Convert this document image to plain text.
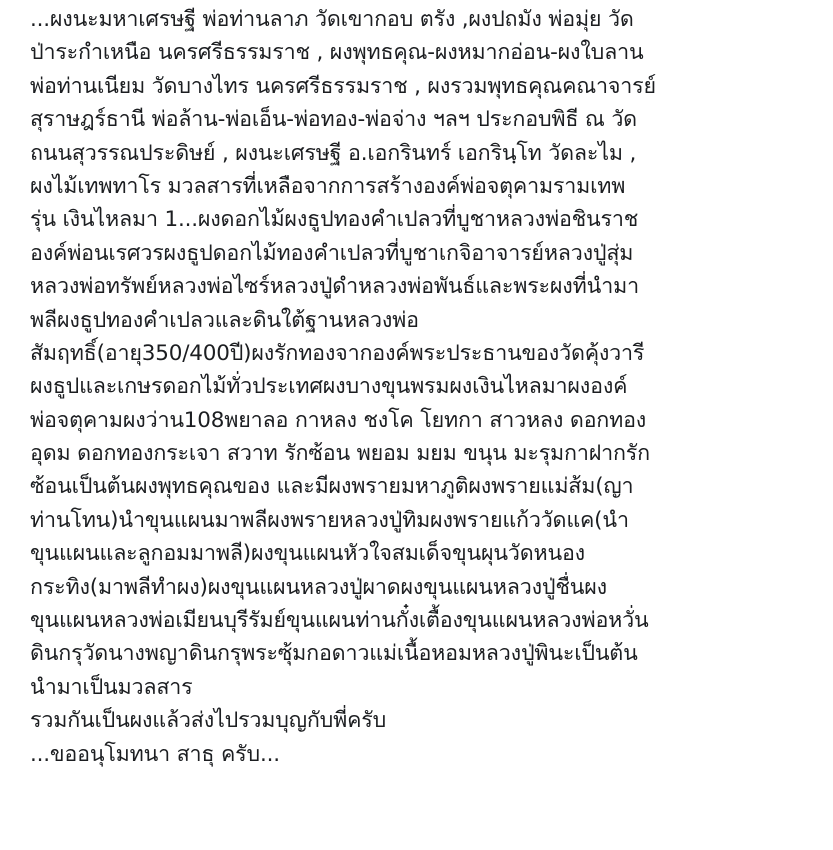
...ผงนะมหาเศรษฐี พ่อท่านลาภ วัดเขากอบ ตรัง ,ผงปถมัง พ่อมุ่ย วัด
ป่าระกำเหนือ นครศรีธรรมราช , ผงพุทธคุณ-ผงหมากอ่อน-ผงใบลาน
พ่อท่านเนียม วัดบางไทร นครศรีธรรมราช , ผงรวมพุทธคุณคณาจารย์
สุราษฎร์ธานี พ่อล้าน-พ่อเอ็น-พ่อทอง-พ่อจ่าง ฯลฯ ประกอบพิธี ณ วัด
ถนนสุวรรณประดิษย์ , ผงนะเศรษฐี อ.เอกรินทร์ เอกรินฺโท วัดละไม ,
ผงไม้เทพทาโร มวลสารที่เหลือจากการสร้างองค์พ่อจตุคามรามเทพ
รุ่น เงินไหลมา 1...ผงดอกไม้ผงธูปทองคำเปลวที่บูชาหลวงพ่อชินราช
องค์พ่อนเรศวรผงธูปดอกไม้ทองคำเปลวที่บูชาเกจิอาจารย์หลวงปู่สุ่ม
หลวงพ่อทรัพย์หลวงพ่อไซร์หลวงปู่ดำหลวงพ่อพันธ์และพระผงที่นำมา
พลีผงธูปทองคำเปลวและดินใต้ฐานหลวงพ่อ
สัมฤทธิ์(อายุ350/400ปี)ผงรักทองจากองค์พระประธานของวัดคุ้งวารี
ผงธูปและเกษรดอกไม้ทั่วประเทศผงบางขุนพรมผงเงินไหลมาผงองค์
พ่อจตุคามผงว่าน108พยาลอ กาหลง ชงโค โยทกา สาวหลง ดอกทอง
อุดม ดอกทองกระเจา สวาท รักซ้อน พยอม มยม ขนุน มะรุมกาฝากรัก
ซ้อนเป็นต้นผงพุทธคุณของ และมีผงพรายมหาภูติผงพรายแม่ส้ม(ญา
ท่านโทน)นำขุนแผนมาพลีผงพรายหลวงปู่ทิมผงพรายแก้ววัดแค(นำ
ขุนแผนและลูกอมมาพลี)ผงขุนแผนหัวใจสมเด็จขุนผุนวัดหนอง
กระทิง(มาพลีทำผง)ผงขุนแผนหลวงปู่ผาดผงขุนแผนหลวงปู่ชื่นผง
ขุนแผนหลวงพ่อเมียนบุรีรัมย์ขุนแผนท่านกั๋งเตื้องขุนแผนหลวงพ่อหวั่น
ดินกรุวัดนางพญาดินกรุพระซุ้มกอดาวแม่เนื้อหอมหลวงปู่พินะเป็นต้น
นำมาเป็นมวลสาร
รวมกันเป็นผงแล้วส่งไปรวมบุญกับพี่ครับ
...ขออนุโมทนา สาธุ ครับ...
